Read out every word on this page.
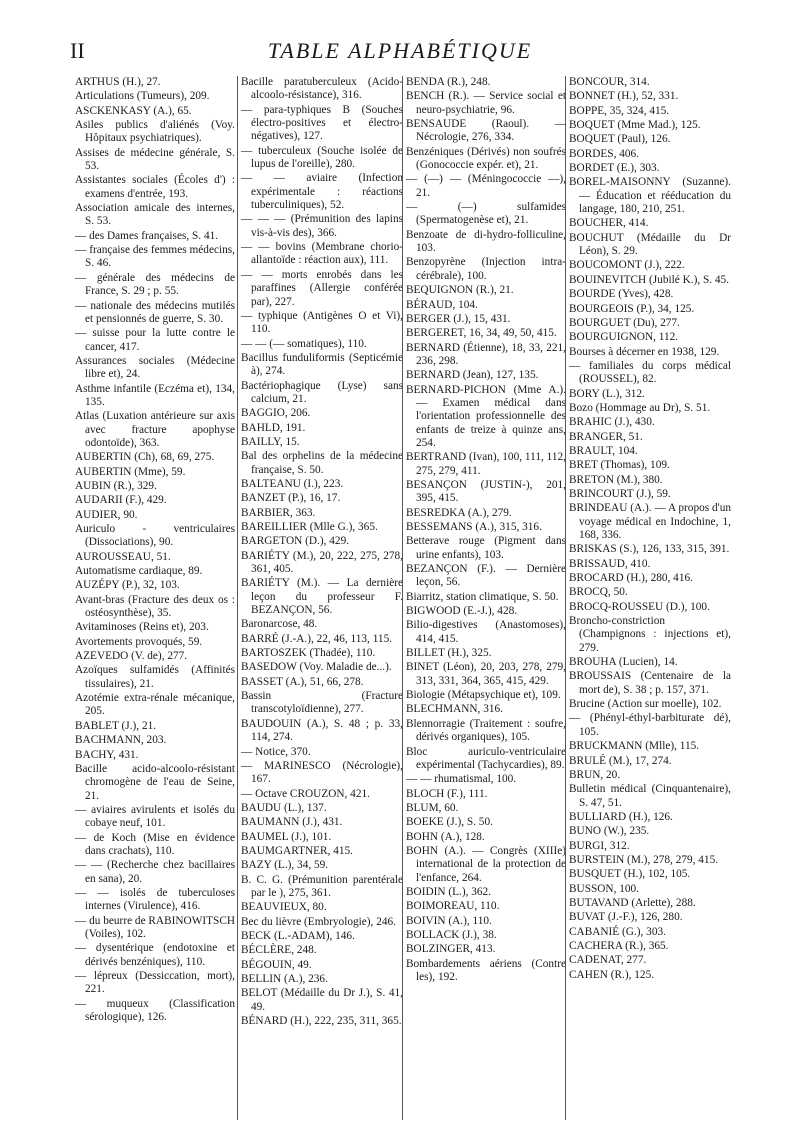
II	TABLE ALPHABÉTIQUE

ARTHUS (H.), 27.

Articulations (Tumeurs), 209.

ASCKENKASY (A.), 65.

Asiles publics d'aliénés (Voy. Hôpitaux psychiatriques).

Assises de médecine générale, S. 53.

Assistantes sociales (Écoles d') : examens d'entrée, 193.

Association amicale des internes, S. 53.

— des Dames françaises, S. 41.

— française des femmes médecins, S. 46.

— générale des médecins de France, S. 29 ; p. 55.

— nationale des médecins mutilés et pensionnés de guerre, S. 30.

— suisse pour la lutte contre le cancer, 417.

Assurances sociales (Médecine libre et), 24.

Asthme infantile (Eczéma et), 134, 135.

Atlas (Luxation antérieure sur axis avec fracture apophyse odontoïde), 363.

AUBERTIN (Ch), 68, 69, 275.

AUBERTIN (Mme), 59.

AUBIN (R.), 329.

AUDARII (F.), 429.

AUDIER, 90.

Auriculo - ventriculaires (Dissociations), 90.

AUROUSSEAU, 51.

Automatisme cardiaque, 89.

AUZÉPY (P.), 32, 103.

Avant-bras (Fracture des deux os : ostéosynthèse), 35.

Avitaminoses (Reins et), 203.

Avortements provoqués, 59.

AZEVEDO (V. de), 277.

Azoïques sulfamidés (Affinités tissulaires), 21.

Azotémie extra-rénale mécanique, 205.

BABLET (J.), 21.

BACHMANN, 203.

BACHY, 431.

Bacille acido-alcoolo-résistant chromogène de l'eau de Seine, 21.

— aviaires avirulents et isolés du cobaye neuf, 101.

— de Koch (Mise en évidence dans crachats), 110.

— — (Recherche chez bacillaires en sana), 20.

— — isolés de tuberculoses internes (Virulence), 416.

— du beurre de RABINOWITSCH (Voiles), 102.

— dysentérique (endotoxine et dérivés benzéniques), 110.

— lépreux (Dessiccation, mort), 221.

— muqueux (Classification sérologique), 126.

Bacille paratuberculeux (Acido-alcoolo-résistance), 316.

— para-typhiques B (Souches électro-positives et électro-négatives), 127.

— tuberculeux (Souche isolée de lupus de l'oreille), 280.

— — aviaire (Infection expérimentale : réactions tuberculiniques), 52.

— — — (Prémunition des lapins vis-à-vis des), 366.

— — bovins (Membrane chorio-allantoïde : réaction aux), 111.

— — morts enrobés dans les paraffines (Allergie conférée par), 227.

— typhique (Antigènes O et Vi), 110.

— — (— somatiques), 110.

Bacillus funduliformis (Septicémie à), 274.

Bactériophagique (Lyse) sans calcium, 21.

BAGGIO, 206.

BAHLD, 191.

BAILLY, 15.

Bal des orphelins de la médecine française, S. 50.

BALTEANU (I.), 223.

BANZET (P.), 16, 17.

BARBIER, 363.

BAREILLIER (Mlle G.), 365.

BARGETON (D.), 429.

BARIÉTY (M.), 20, 222, 275, 278, 361, 405.

BARIÉTY (M.). — La dernière leçon du professeur F. BEZANÇON, 56.

Baronarcose, 48.

BARRÉ (J.-A.), 22, 46, 113, 115.

BARTOSZEK (Thadée), 110.

BASEDOW (Voy. Maladie de...).

BASSET (A.), 51, 66, 278.

Bassin (Fracture transcotyloïdienne), 277.

BAUDOUIN (A.), S. 48 ; p. 33, 114, 274.

— Notice, 370.

— MARINESCO (Nécrologie), 167.

— Octave CROUZON, 421.

BAUDU (L.), 137.

BAUMANN (J.), 431.

BAUMEL (J.), 101.

BAUMGARTNER, 415.

BAZY (L.), 34, 59.

B. C. G. (Prémunition parentérale par le ), 275, 361.

BEAUVIEUX, 80.

Bec du lièvre (Embryologie), 246.

BECK (L.-ADAM), 146.

BÉCLÈRE, 248.

BÉGOUIN, 49.

BELLIN (A.), 236.

BELOT (Médaille du Dr J.), S. 41, 49.

BÉNARD (H.), 222, 235, 311, 365.

BENDA (R.), 248.

BENCH (R.). — Service social et neuro-psychiatrie, 96.

BENSAUDE (Raoul). — Nécrologie, 276, 334.

Benzéniques (Dérivés) non soufrés (Gonococcie expér. et), 21.

— (—) — (Méningococcie —), 21.

— (—) sulfamides (Spermatogenèse et), 21.

Benzoate de di-hydro-folliculine, 103.

Benzopyrène (Injection intra-cérébrale), 100.

BEQUIGNON (R.), 21.

BÉRAUD, 104.

BERGER (J.), 15, 431.

BERGERET, 16, 34, 49, 50, 415.

BERNARD (Étienne), 18, 33, 221, 236, 298.

BERNARD (Jean), 127, 135.

BERNARD-PICHON (Mme A.). — Examen médical dans l'orientation professionnelle des enfants de treize à quinze ans, 254.

BERTRAND (Ivan), 100, 111, 112, 275, 279, 411.

BESANÇON (JUSTIN-), 201, 395, 415.

BESREDKA (A.), 279.

BESSEMANS (A.), 315, 316.

Betterave rouge (Pigment dans urine enfants), 103.

BEZANÇON (F.). — Dernière leçon, 56.

Biarritz, station climatique, S. 50.

BIGWOOD (E.-J.), 428.

Bilio-digestives (Anastomoses), 414, 415.

BILLET (H.), 325.

BINET (Léon), 20, 203, 278, 279, 313, 331, 364, 365, 415, 429.

Biologie (Métapsychique et), 109.

BLECHMANN, 316.

Blennorragie (Traitement : soufre, dérivés organiques), 105.

Bloc auriculo-ventriculaire expérimental (Tachycardies), 89.

— — rhumatismal, 100.

BLOCH (F.), 111.

BLUM, 60.

BOEKE (J.), S. 50.

BOHN (A.), 128.

BOHN (A.). — Congrès (XIIIe) international de la protection de l'enfance, 264.

BOIDIN (L.), 362.

BOIMOREAU, 110.

BOIVIN (A.), 110.

BOLLACK (J.), 38.

BOLZINGER, 413.

Bombardements aériens (Contre les), 192.

BONCOUR, 314.

BONNET (H.), 52, 331.

BOPPE, 35, 324, 415.

BOQUET (Mme Mad.), 125.

BOQUET (Paul), 126.

BORDES, 406.

BORDET (E.), 303.

BOREL-MAISONNY (Suzanne). — Éducation et rééducation du langage, 180, 210, 251.

BOUCHER, 414.

BOUCHUT (Médaille du Dr Léon), S. 29.

BOUCOMONT (J.), 222.

BOUINEVITCH (Jubilé K.), S. 45.

BOURDE (Yves), 428.

BOURGEOIS (P.), 34, 125.

BOURGUET (Du), 277.

BOURGUIGNON, 112.

Bourses à décerner en 1938, 129.

— familiales du corps médical (ROUSSEL), 82.

BORY (L.), 312.

Bozo (Hommage au Dr), S. 51.

BRAHIC (J.), 430.

BRANGER, 51.

BRAULT, 104.

BRET (Thomas), 109.

BRETON (M.), 380.

BRINCOURT (J.), 59.

BRINDEAU (A.). — A propos d'un voyage médical en Indochine, 1, 168, 336.

BRISKAS (S.), 126, 133, 315, 391.

BRISSAUD, 410.

BROCARD (H.), 280, 416.

BROCQ, 50.

BROCQ-ROUSSEU (D.), 100.

Broncho-constriction (Champignons : injections et), 279.

BROUHA (Lucien), 14.

BROUSSAIS (Centenaire de la mort de), S. 38 ; p. 157, 371.

Brucine (Action sur moelle), 102.

— (Phényl-éthyl-barbiturate dé), 105.

BRUCKMANN (Mlle), 115.

BRULÉ (M.), 17, 274.

BRUN, 20.

Bulletin médical (Cinquantenaire), S. 47, 51.

BULLIARD (H.), 126.

BUNO (W.), 235.

BURGI, 312.

BURSTEIN (M.), 278, 279, 415.

BUSQUET (H.), 102, 105.

BUSSON, 100.

BUTAVAND (Arlette), 288.

BUVAT (J.-F.), 126, 280.

CABANIÉ (G.), 303.

CACHERA (R.), 365.

CADENAT, 277.

CAHEN (R.), 125.
